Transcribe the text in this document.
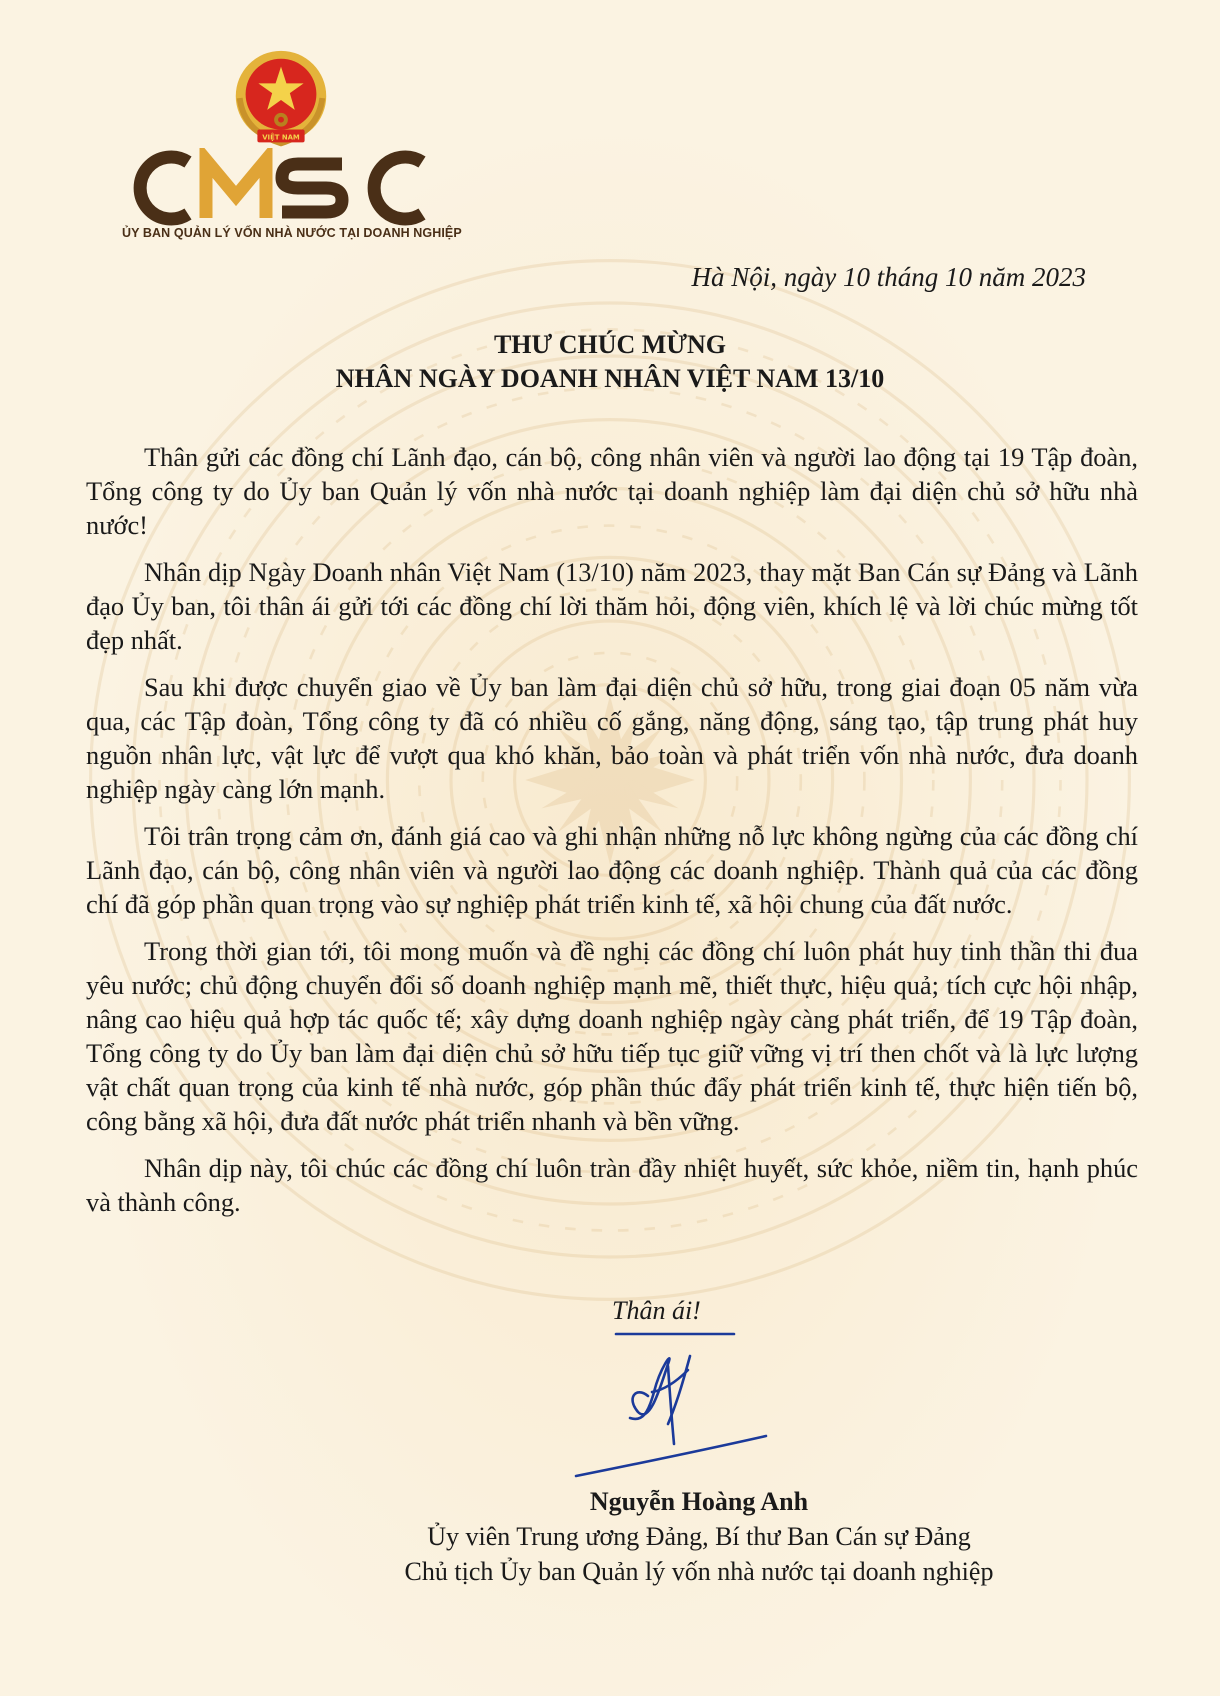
VIỆT NAM
ỦY BAN QUẢN LÝ VỐN NHÀ NƯỚC TẠI DOANH NGHIỆP
Hà Nội, ngày 10 tháng 10 năm 2023
THƯ CHÚC MỪNG
NHÂN NGÀY DOANH NHÂN VIỆT NAM 13/10

Thân gửi các đồng chí Lãnh đạo, cán bộ, công nhân viên và người lao động tại 19 Tập đoàn, Tổng công ty do Ủy ban Quản lý vốn nhà nước tại doanh nghiệp làm đại diện chủ sở hữu nhà nước!

Nhân dịp Ngày Doanh nhân Việt Nam (13/10) năm 2023, thay mặt Ban Cán sự Đảng và Lãnh đạo Ủy ban, tôi thân ái gửi tới các đồng chí lời thăm hỏi, động viên, khích lệ và lời chúc mừng tốt đẹp nhất.

Sau khi được chuyển giao về Ủy ban làm đại diện chủ sở hữu, trong giai đoạn 05 năm vừa qua, các Tập đoàn, Tổng công ty đã có nhiều cố gắng, năng động, sáng tạo, tập trung phát huy nguồn nhân lực, vật lực để vượt qua khó khăn, bảo toàn và phát triển vốn nhà nước, đưa doanh nghiệp ngày càng lớn mạnh.

Tôi trân trọng cảm ơn, đánh giá cao và ghi nhận những nỗ lực không ngừng của các đồng chí Lãnh đạo, cán bộ, công nhân viên và người lao động các doanh nghiệp. Thành quả của các đồng chí đã góp phần quan trọng vào sự nghiệp phát triển kinh tế, xã hội chung của đất nước.

Trong thời gian tới, tôi mong muốn và đề nghị các đồng chí luôn phát huy tinh thần thi đua yêu nước; chủ động chuyển đổi số doanh nghiệp mạnh mẽ, thiết thực, hiệu quả; tích cực hội nhập, nâng cao hiệu quả hợp tác quốc tế; xây dựng doanh nghiệp ngày càng phát triển, để 19 Tập đoàn, Tổng công ty do Ủy ban làm đại diện chủ sở hữu tiếp tục giữ vững vị trí then chốt và là lực lượng vật chất quan trọng của kinh tế nhà nước, góp phần thúc đẩy phát triển kinh tế, thực hiện tiến bộ, công bằng xã hội, đưa đất nước phát triển nhanh và bền vững.

Nhân dịp này, tôi chúc các đồng chí luôn tràn đầy nhiệt huyết, sức khỏe, niềm tin, hạnh phúc và thành công.

Thân ái!
Nguyễn Hoàng Anh
Ủy viên Trung ương Đảng, Bí thư Ban Cán sự Đảng
Chủ tịch Ủy ban Quản lý vốn nhà nước tại doanh nghiệp
